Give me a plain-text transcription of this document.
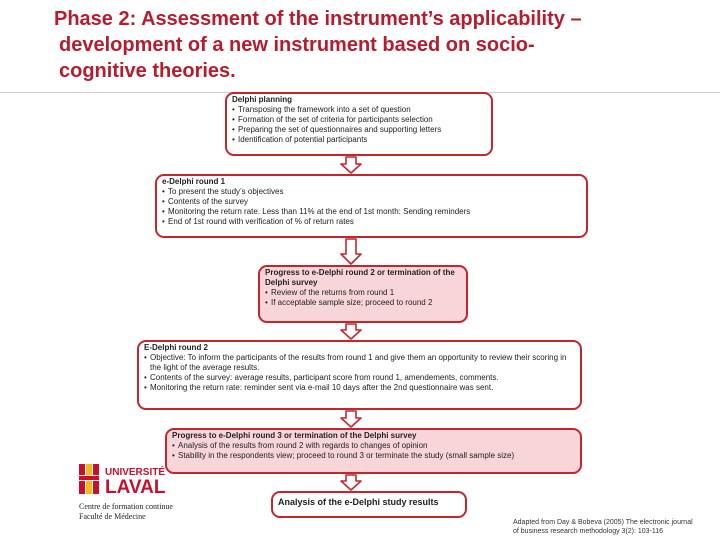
Phase 2: Assessment of the instrument’s applicability –
development of a new instrument based on socio-
cognitive theories.
Delphi planning
• Transposing the framework into a set of question
• Formation of the set of criteria for participants selection
• Preparing the set of questionnaires and supporting letters
• Identification of potential participants
e-Delphi round 1
• To present the study’s objectives
• Contents of the survey
• Monitoring the return rate. Less than 11% at the end of 1st month: Sending reminders
• End of 1st round with verification of % of return rates
Progress to e-Delphi round 2 or termination of the Delphi survey
• Review of the returns from round 1
• If acceptable sample size; proceed to round 2
E-Delphi round 2
• Objective: To inform the participants of the results from round 1 and give them an opportunity to review their scoring in the light of the average results.
• Contents of the survey: average results, participant score from round 1, amendements, comments.
• Monitoring the return rate: reminder sent via e-mail 10 days after the 2nd questionnaire was sent.
Progress to e-Delphi round 3 or termination of the Delphi survey
• Analysis of the results from round 2 with regards to changes of opinion
• Stability in the respondents view; proceed to round 3 or terminate the study (small sample size)
Analysis of the e-Delphi study results
UNIVERSITÉ
LAVAL
Centre de formation continue
Faculté de Médecine
Adapted from Day & Bobeva (2005) The electronic journal
of business research methodology 3(2): 103-116
